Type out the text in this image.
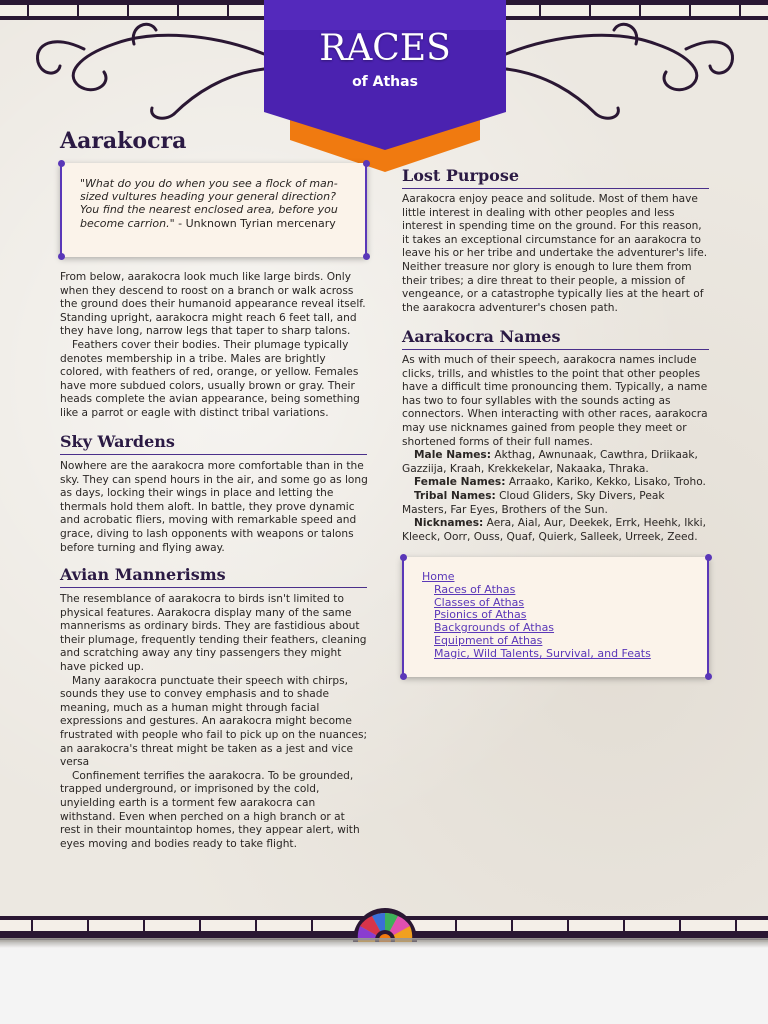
RACES
of Athas
Aarakocra
"What do you do when you see a flock of man-sized vultures heading your general direction? You find the nearest enclosed area, before you become carrion." - Unknown Tyrian mercenary

From below, aarakocra look much like large birds. Only when they descend to roost on a branch or walk across the ground does their humanoid appearance reveal itself. Standing upright, aarakocra might reach 6 feet tall, and they have long, narrow legs that taper to sharp talons.

Feathers cover their bodies. Their plumage typically denotes membership in a tribe. Males are brightly colored, with feathers of red, orange, or yellow. Females have more subdued colors, usually brown or gray. Their heads complete the avian appearance, being something like a parrot or eagle with distinct tribal variations.

Sky Wardens

Nowhere are the aarakocra more comfortable than in the sky. They can spend hours in the air, and some go as long as days, locking their wings in place and letting the thermals hold them aloft. In battle, they prove dynamic and acrobatic fliers, moving with remarkable speed and grace, diving to lash opponents with weapons or talons before turning and flying away.

Avian Mannerisms

The resemblance of aarakocra to birds isn't limited to physical features. Aarakocra display many of the same mannerisms as ordinary birds. They are fastidious about their plumage, frequently tending their feathers, cleaning and scratching away any tiny passengers they might have picked up.

Many aarakocra punctuate their speech with chirps, sounds they use to convey emphasis and to shade meaning, much as a human might through facial expressions and gestures. An aarakocra might become frustrated with people who fail to pick up on the nuances; an aarakocra's threat might be taken as a jest and vice versa

Confinement terrifies the aarakocra. To be grounded, trapped underground, or imprisoned by the cold, unyielding earth is a torment few aarakocra can withstand. Even when perched on a high branch or at rest in their mountaintop homes, they appear alert, with eyes moving and bodies ready to take flight.

Lost Purpose

Aarakocra enjoy peace and solitude. Most of them have little interest in dealing with other peoples and less interest in spending time on the ground. For this reason, it takes an exceptional circumstance for an aarakocra to leave his or her tribe and undertake the adventurer's life. Neither treasure nor glory is enough to lure them from their tribes; a dire threat to their people, a mission of vengeance, or a catastrophe typically lies at the heart of the aarakocra adventurer's chosen path.

Aarakocra Names

As with much of their speech, aarakocra names include clicks, trills, and whistles to the point that other peoples have a difficult time pronouncing them. Typically, a name has two to four syllables with the sounds acting as connectors. When interacting with other races, aarakocra may use nicknames gained from people they meet or shortened forms of their full names.

Male Names: Akthag, Awnunaak, Cawthra, Driikaak, Gazziija, Kraah, Krekkekelar, Nakaaka, Thraka.

Female Names: Arraako, Kariko, Kekko, Lisako, Troho.

Tribal Names: Cloud Gliders, Sky Divers, Peak Masters, Far Eyes, Brothers of the Sun.

Nicknames: Aera, Aial, Aur, Deekek, Errk, Heehk, Ikki, Kleeck, Oorr, Ouss, Quaf, Quierk, Salleek, Urreek, Zeed.

Home
Races of Athas
Classes of Athas
Psionics of Athas
Backgrounds of Athas
Equipment of Athas
Magic, Wild Talents, Survival, and Feats
